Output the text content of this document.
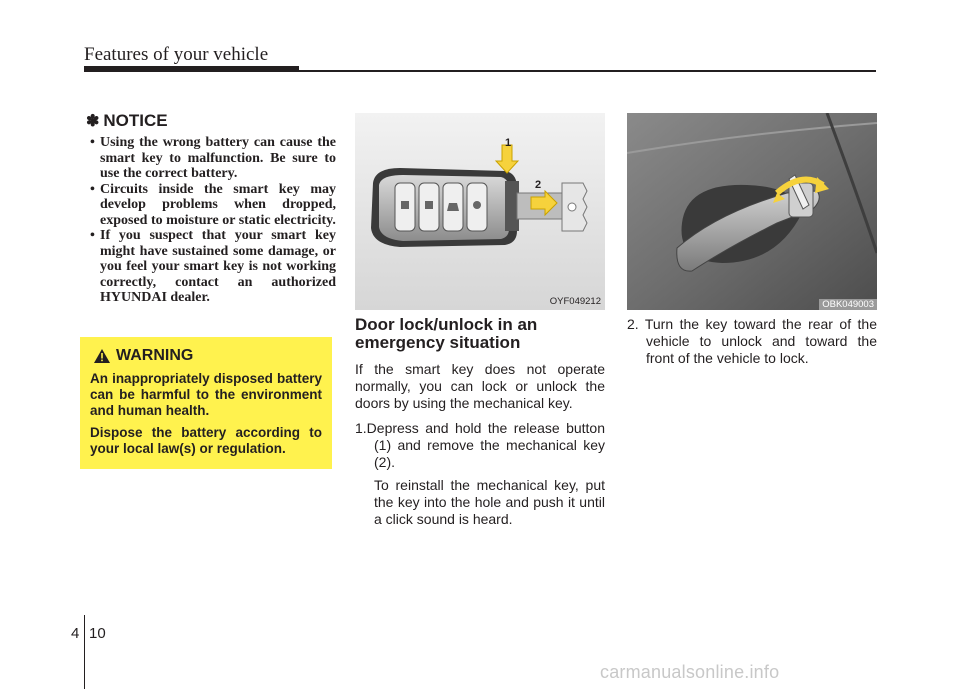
Features of your vehicle
✽ NOTICE
• Using the wrong battery can cause the smart key to malfunction. Be sure to use the correct battery.
• Circuits inside the smart key may develop problems when dropped, exposed to moisture or static electricity.
• If you suspect that your smart key might have sustained some damage, or you feel your smart key is not working correctly, contact an authorized HYUNDAI dealer.
WARNING

An inappropriately disposed battery can be harmful to the environment and human health.

Dispose the battery according to your local law(s) or regulation.

1
2
OYF049212	OBK049003
Door lock/unlock in an emergency situation

If the smart key does not operate normally, you can lock or unlock the doors by using the mechanical key.

1.Depress and hold the release button (1) and remove the mechanical key (2).

To reinstall the mechanical key, put the key into the hole and push it until a click sound is heard.

2. Turn the key toward the rear of the vehicle to unlock and toward the front of the vehicle to lock.

4 10
carmanualsonline.info
